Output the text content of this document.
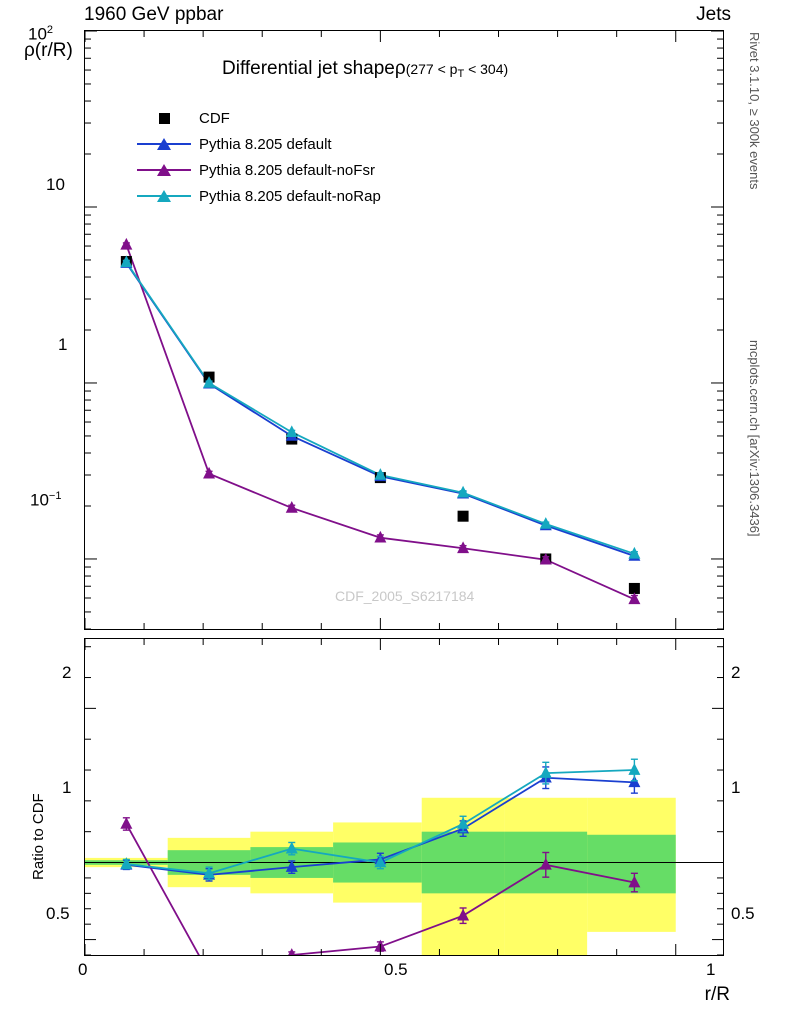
1960 GeV ppbar	Jets
ρ(r/R)
Differential jet shapeρ(277 < $p_T < 304$)
CDF
Pythia 8.205 default
Pythia 8.205 default-noFsr
Pythia 8.205 default-noRap
CDF_2005_S6217184
$10^2$
10
1
$10^{-1}$
2
1
0.5
2
1
0.5
0	0.5	1
r/R
Ratio to CDF
Rivet 3.1.10, ≥ 300k events
mcplots.cern.ch [arXiv:1306.3436]
